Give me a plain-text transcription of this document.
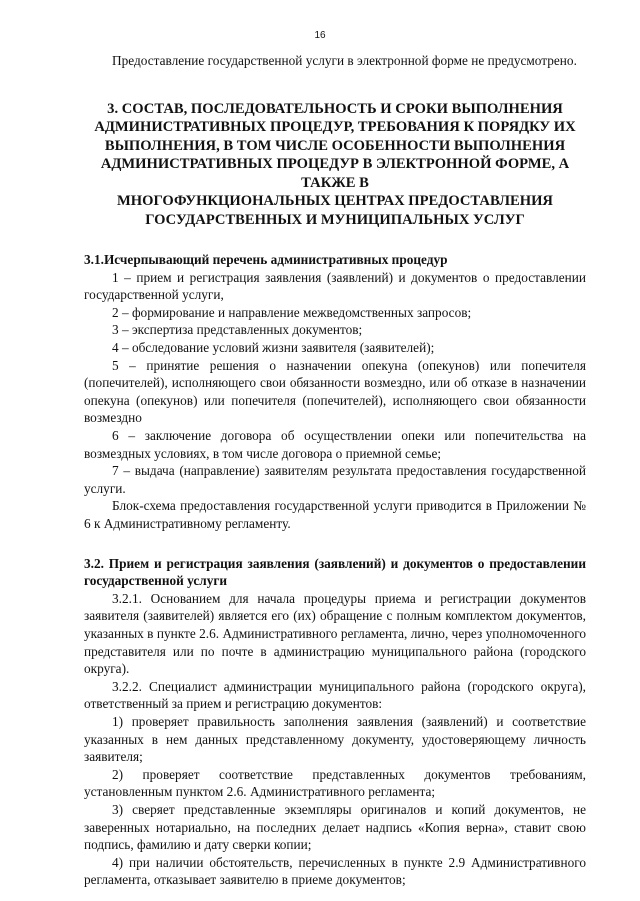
16

Предоставление государственной услуги в электронной форме не предусмотрено.

3. СОСТАВ, ПОСЛЕДОВАТЕЛЬНОСТЬ И СРОКИ ВЫПОЛНЕНИЯ
АДМИНИСТРАТИВНЫХ ПРОЦЕДУР, ТРЕБОВАНИЯ К ПОРЯДКУ ИХ
ВЫПОЛНЕНИЯ, В ТОМ ЧИСЛЕ ОСОБЕННОСТИ ВЫПОЛНЕНИЯ
АДМИНИСТРАТИВНЫХ ПРОЦЕДУР В ЭЛЕКТРОННОЙ ФОРМЕ, А
ТАКЖЕ В
МНОГОФУНКЦИОНАЛЬНЫХ ЦЕНТРАХ ПРЕДОСТАВЛЕНИЯ
ГОСУДАРСТВЕННЫХ И МУНИЦИПАЛЬНЫХ УСЛУГ

3.1.Исчерпывающий перечень административных процедур

1 – прием и регистрация заявления (заявлений) и документов о предоставлении государственной услуги,

2 – формирование и направление межведомственных запросов;

3 – экспертиза представленных документов;

4 – обследование условий жизни заявителя (заявителей);

5 – принятие решения о назначении опекуна (опекунов) или попечителя (попечителей), исполняющего свои обязанности возмездно, или об отказе в назначении опекуна (опекунов) или попечителя (попечителей), исполняющего свои обязанности возмездно

6 – заключение договора об осуществлении опеки или попечительства на возмездных условиях, в том числе договора о приемной семье;

7 – выдача (направление) заявителям результата предоставления государственной услуги.

Блок-схема предоставления государственной услуги приводится в Приложении № 6 к Административному регламенту.

3.2. Прием и регистрация заявления (заявлений) и документов о предоставлении государственной услуги

3.2.1. Основанием для начала процедуры приема и регистрации документов заявителя (заявителей) является его (их) обращение с полным комплектом документов, указанных в пункте 2.6. Административного регламента, лично, через уполномоченного представителя или по почте в администрацию муниципального района (городского округа).

3.2.2. Специалист администрации муниципального района (городского округа), ответственный за прием и регистрацию документов:

1) проверяет правильность заполнения заявления (заявлений) и соответствие указанных в нем данных представленному документу, удостоверяющему личность заявителя;

2) проверяет соответствие представленных документов требованиям, установленным пунктом 2.6. Административного регламента;

3) сверяет представленные экземпляры оригиналов и копий документов, не заверенных нотариально, на последних делает надпись «Копия верна», ставит свою подпись, фамилию и дату сверки копии;

4) при наличии обстоятельств, перечисленных в пункте 2.9 Административного регламента, отказывает заявителю в приеме документов;
